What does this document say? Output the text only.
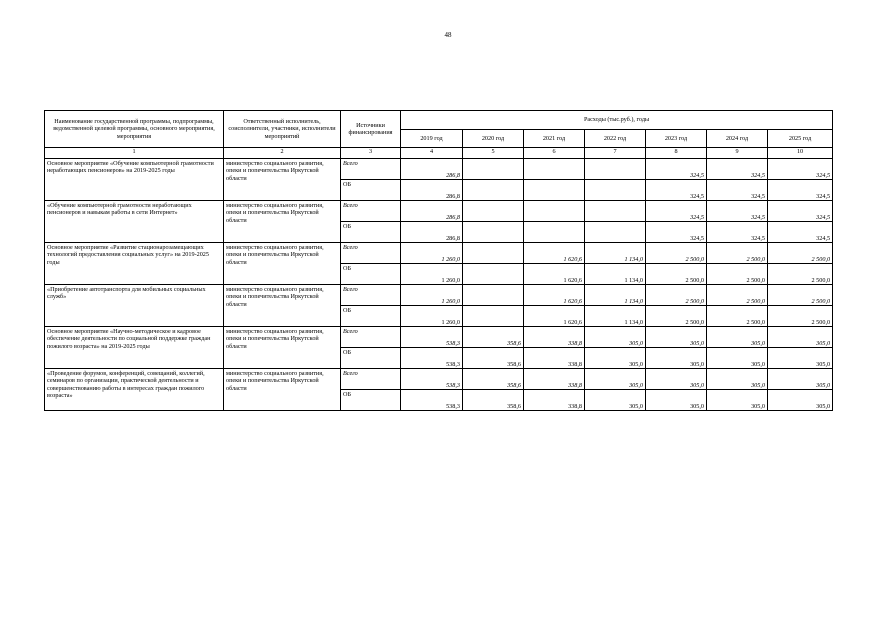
48
Наименование государственной программы, подпрограммы, ведомственной целевой программы, основного мероприятия, мероприятия	Ответственный исполнитель, соисполнители, участники, исполнители мероприятий	Источники финансирования	Расходы (тыс.руб.), годы						
			2019 год	2020 год	2021 год	2022 год	2023 год	2024 год	2025 год
1	2	3	4	5	6	7	8	9	10
Основное мероприятие «Обучение компьютерной грамотности неработающих пенсионеров» на 2019-2025 годы	министерство социального развития, опеки и попечительства Иркутской области	Всего	286,8				324,5	324,5	324,5
		ОБ	286,8				324,5	324,5	324,5
«Обучение компьютерной грамотности неработающих пенсионеров и навыкам работы в сети Интернет»	министерство социального развития, опеки и попечительства Иркутской области	Всего	286,8				324,5	324,5	324,5
		ОБ	286,8				324,5	324,5	324,5
Основное мероприятие «Развитие стационарозамещающих технологий предоставления социальных услуг» на 2019-2025 годы	министерство социального развития, опеки и попечительства Иркутской области	Всего	1 260,0		1 620,6	1 134,0	2 500,0	2 500,0	2 500,0
		ОБ	1 260,0		1 620,6	1 134,0	2 500,0	2 500,0	2 500,0
«Приобретение автотранспорта для мобильных социальных служб»	министерство социального развития, опеки и попечительства Иркутской области	Всего	1 260,0		1 620,6	1 134,0	2 500,0	2 500,0	2 500,0
		ОБ	1 260,0		1 620,6	1 134,0	2 500,0	2 500,0	2 500,0
Основное мероприятие «Научно-методическое и кадровое обеспечение деятельности по социальной поддержке граждан пожилого возраста» на 2019-2025 годы	министерство социального развития, опеки и попечительства Иркутской области	Всего	538,3	358,6	338,8	305,0	305,0	305,0	305,0
		ОБ	538,3	358,6	338,8	305,0	305,0	305,0	305,0
«Проведение форумов, конференций, совещаний, коллегий, семинаров по организации, практической деятельности и совершенствованию работы в интересах граждан пожилого возраста»	министерство социального развития, опеки и попечительства Иркутской области	Всего	538,3	358,6	338,8	305,0	305,0	305,0	305,0
		ОБ	538,3	358,6	338,8	305,0	305,0	305,0	305,0
